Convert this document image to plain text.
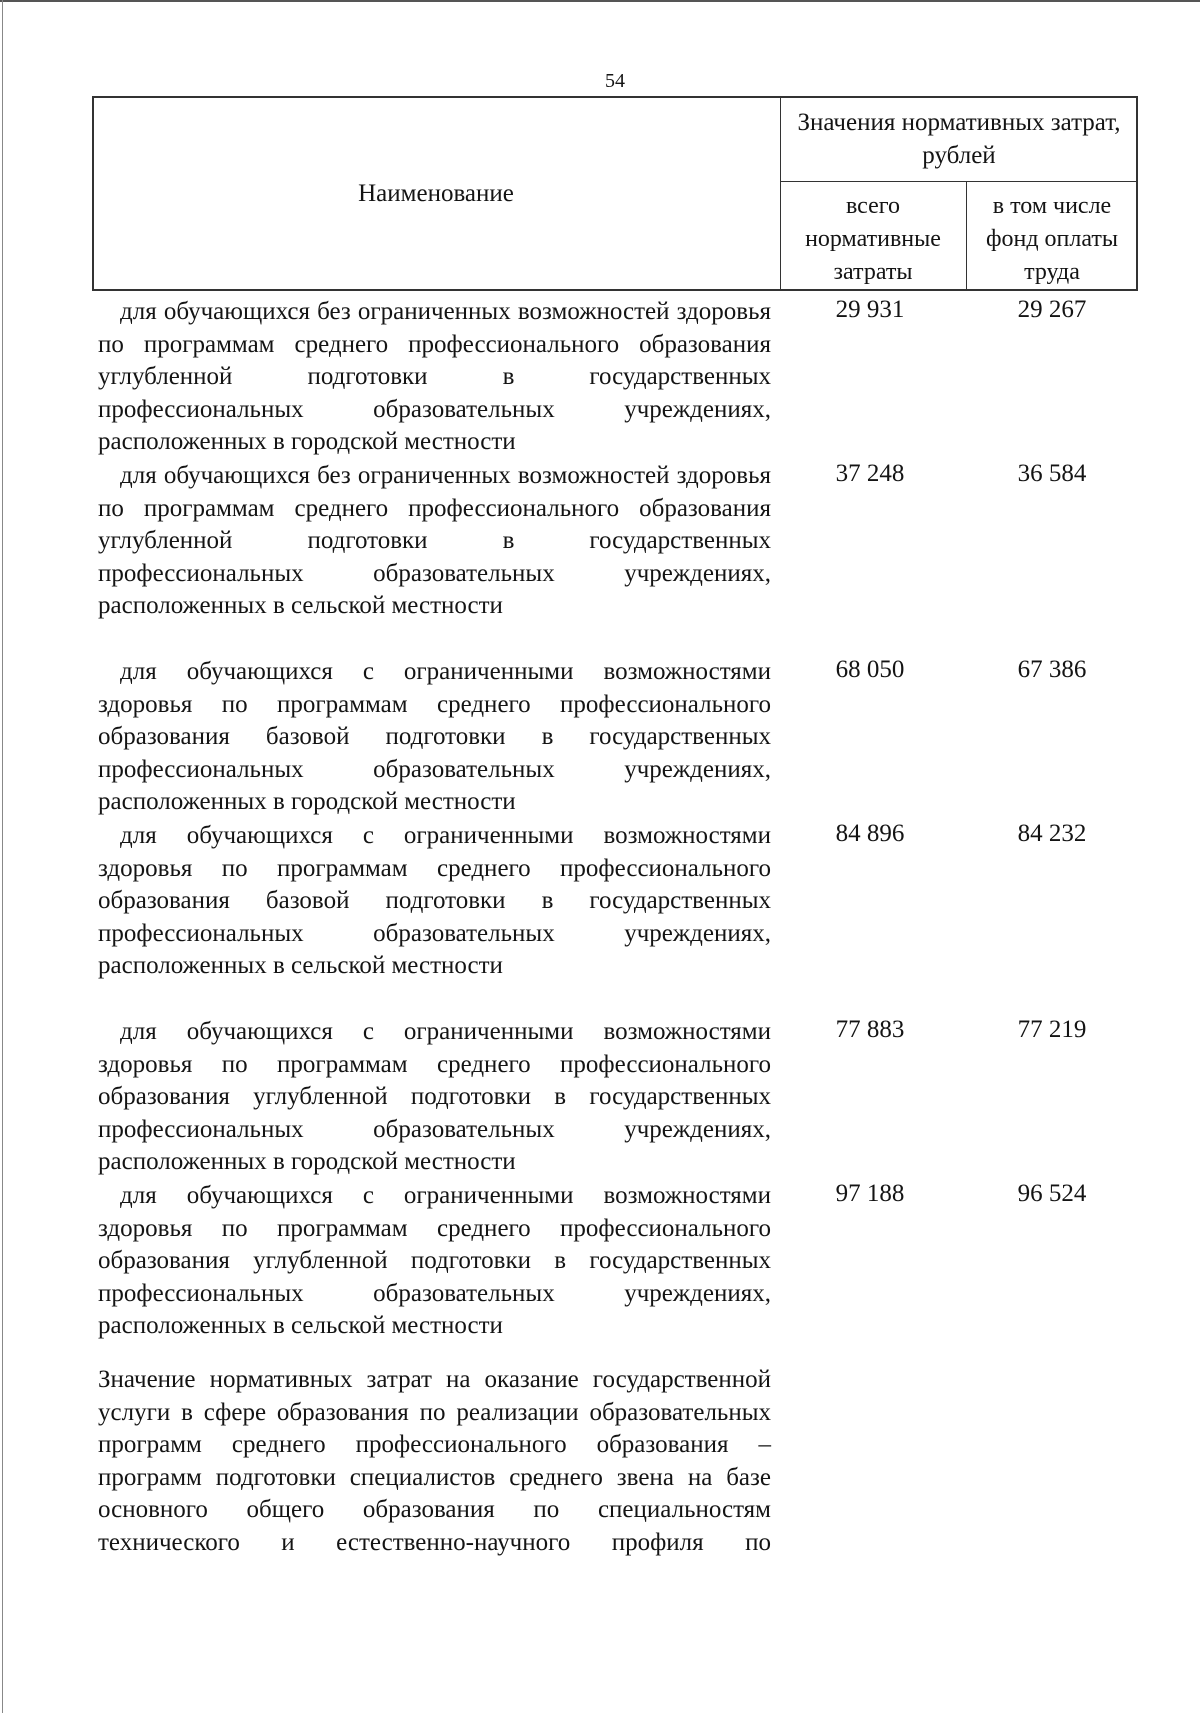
54
Наименование
Значения нормативных затрат, рублей
всего нормативные затраты
в том числе фонд оплаты труда
для обучающихся без ограниченных возможностей здоровья по программам среднего профессионального образования углубленной подготовки в государственных профессиональных образовательных учреждениях, расположенных в городской местности
29 931	29 267
для обучающихся без ограниченных возможностей здоровья по программам среднего профессионального образования углубленной подготовки в государственных профессиональных образовательных учреждениях, расположенных в сельской местности
37 248	36 584
для обучающихся с ограниченными возможностями здоровья по программам среднего профессионального образования базовой подготовки в государственных профессиональных образовательных учреждениях, расположенных в городской местности
68 050	67 386
для обучающихся с ограниченными возможностями здоровья по программам среднего профессионального образования базовой подготовки в государственных профессиональных образовательных учреждениях, расположенных в сельской местности
84 896	84 232
для обучающихся с ограниченными возможностями здоровья по программам среднего профессионального образования углубленной подготовки в государственных профессиональных образовательных учреждениях, расположенных в городской местности
77 883	77 219
для обучающихся с ограниченными возможностями здоровья по программам среднего профессионального образования углубленной подготовки в государственных профессиональных образовательных учреждениях, расположенных в сельской местности
97 188	96 524
Значение нормативных затрат на оказание государственной услуги в сфере образования по реализации образовательных программ среднего профессионального образования – программ подготовки специалистов среднего звена на базе основного общего образования по специальностям технического и естественно-научного профиля по
